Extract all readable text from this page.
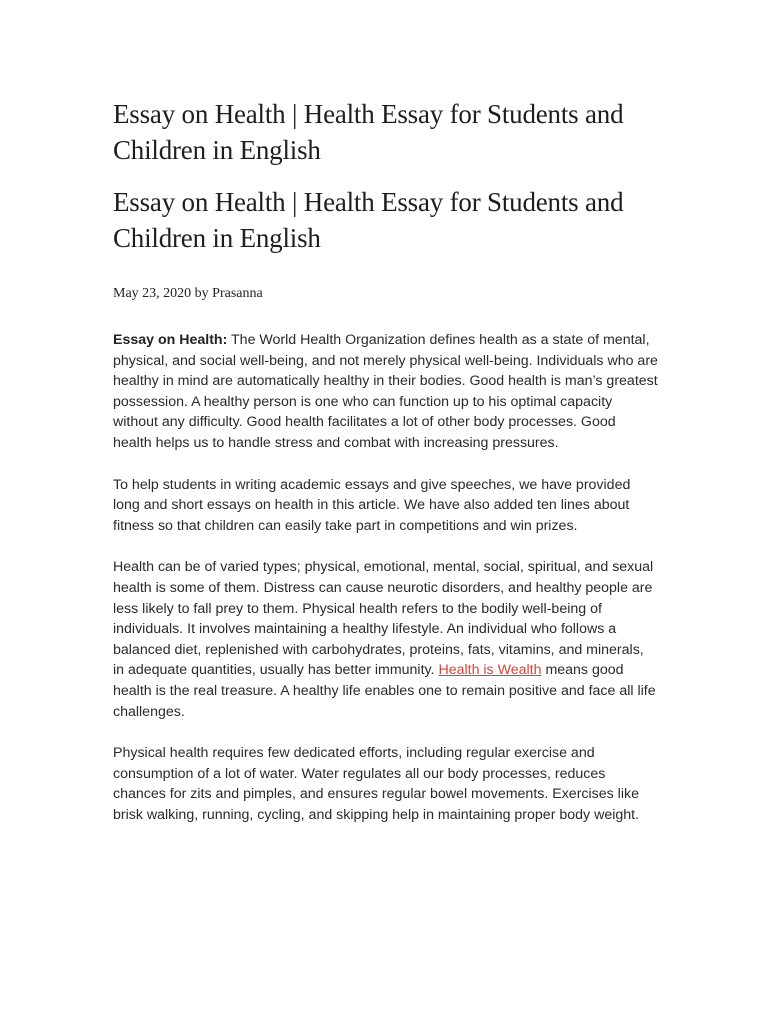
Essay on Health | Health Essay for Students and Children in English
Essay on Health | Health Essay for Students and Children in English
May 23, 2020 by Prasanna

Essay on Health: The World Health Organization defines health as a state of mental, physical, and social well-being, and not merely physical well-being. Individuals who are healthy in mind are automatically healthy in their bodies. Good health is man’s greatest possession. A healthy person is one who can function up to his optimal capacity without any difficulty. Good health facilitates a lot of other body processes. Good health helps us to handle stress and combat with increasing pressures.

To help students in writing academic essays and give speeches, we have provided long and short essays on health in this article. We have also added ten lines about fitness so that children can easily take part in competitions and win prizes.

Health can be of varied types; physical, emotional, mental, social, spiritual, and sexual health is some of them. Distress can cause neurotic disorders, and healthy people are less likely to fall prey to them. Physical health refers to the bodily well-being of individuals. It involves maintaining a healthy lifestyle. An individual who follows a balanced diet, replenished with carbohydrates, proteins, fats, vitamins, and minerals, in adequate quantities, usually has better immunity. Health is Wealth means good health is the real treasure. A healthy life enables one to remain positive and face all life challenges.

Physical health requires few dedicated efforts, including regular exercise and consumption of a lot of water. Water regulates all our body processes, reduces chances for zits and pimples, and ensures regular bowel movements. Exercises like brisk walking, running, cycling, and skipping help in maintaining proper body weight.
